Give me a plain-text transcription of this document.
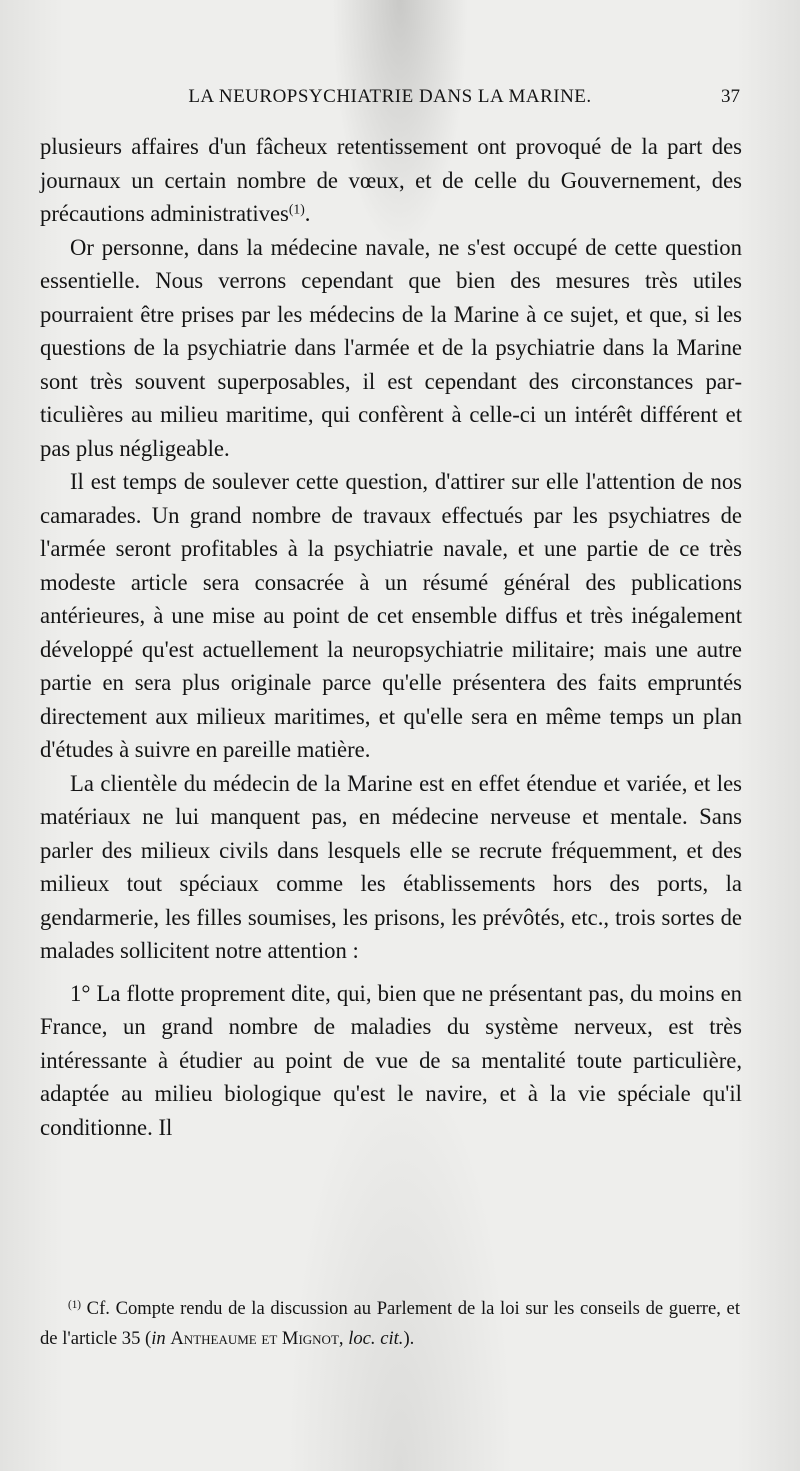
LA NEUROPSYCHIATRIE DANS LA MARINE.	37

plusieurs affaires d'un fâcheux retentissement ont provoqué de la part des journaux un certain nombre de vœux, et de celle du Gouvernement, des précautions administratives$^{(1)}$.

Or personne, dans la médecine navale, ne s'est occupé de cette question essentielle. Nous verrons cependant que bien des mesures très utiles pourraient être prises par les médecins de la Marine à ce sujet, et que, si les questions de la psychiatrie dans l'armée et de la psychiatrie dans la Marine sont très souvent superposables, il est cependant des circonstances particulières au milieu maritime, qui confèrent à celle-ci un intérêt différent et pas plus négligeable.

Il est temps de soulever cette question, d'attirer sur elle l'attention de nos camarades. Un grand nombre de travaux effectués par les psychiatres de l'armée seront profitables à la psychiatrie navale, et une partie de ce très modeste article sera consacrée à un résumé général des publications antérieures, à une mise au point de cet ensemble diffus et très inégalement développé qu'est actuellement la neuropsychiatrie militaire; mais une autre partie en sera plus originale parce qu'elle présentera des faits empruntés directement aux milieux maritimes, et qu'elle sera en même temps un plan d'études à suivre en pareille matière.

La clientèle du médecin de la Marine est en effet étendue et variée, et les matériaux ne lui manquent pas, en médecine nerveuse et mentale. Sans parler des milieux civils dans lesquels elle se recrute fréquemment, et des milieux tout spéciaux comme les établissements hors des ports, la gendarmerie, les filles soumises, les prisons, les prévôtés, etc., trois sortes de malades sollicitent notre attention :

1° La flotte proprement dite, qui, bien que ne présentant pas, du moins en France, un grand nombre de maladies du système nerveux, est très intéressante à étudier au point de vue de sa mentalité toute particulière, adaptée au milieu biologique qu'est le navire, et à la vie spéciale qu'il conditionne. Il

$^{(1)}$ Cf. Compte rendu de la discussion au Parlement de la loi sur les conseils de guerre, et de l'article 35 (in Antheaume et Mignot, loc. cit.).
